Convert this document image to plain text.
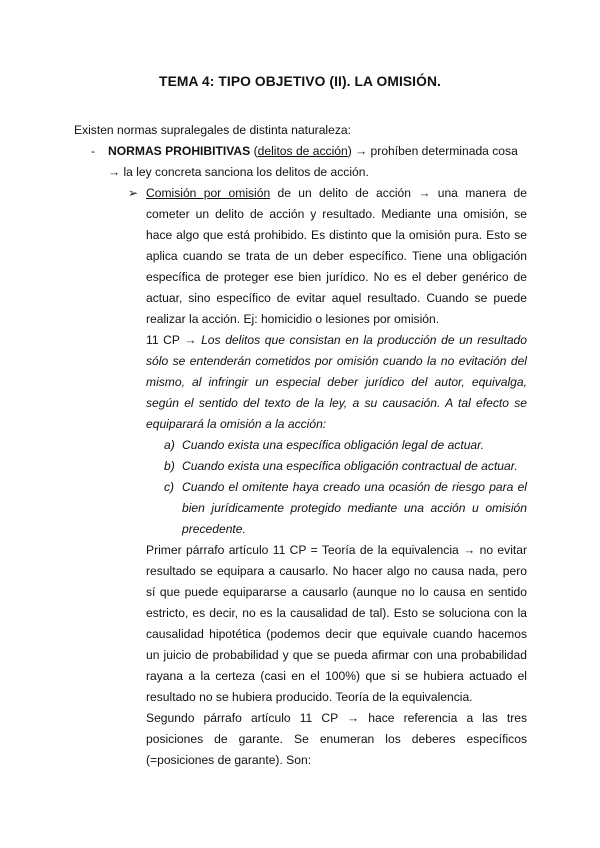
TEMA 4: TIPO OBJETIVO (II). LA OMISIÓN.
Existen normas supralegales de distinta naturaleza:
- NORMAS PROHIBITIVAS (delitos de acción) → prohíben determinada cosa
→ la ley concreta sanciona los delitos de acción.
➢ Comisión por omisión de un delito de acción → una manera de
cometer un delito de acción y resultado. Mediante una omisión, se
hace algo que está prohibido. Es distinto que la omisión pura. Esto se
aplica cuando se trata de un deber específico. Tiene una obligación
específica de proteger ese bien jurídico. No es el deber genérico de
actuar, sino específico de evitar aquel resultado. Cuando se puede
realizar la acción. Ej: homicidio o lesiones por omisión.
11 CP → Los delitos que consistan en la producción de un resultado
sólo se entenderán cometidos por omisión cuando la no evitación del
mismo, al infringir un especial deber jurídico del autor, equivalga,
según el sentido del texto de la ley, a su causación. A tal efecto se
equiparará la omisión a la acción:
a) Cuando exista una específica obligación legal de actuar.
b) Cuando exista una específica obligación contractual de actuar.
c) Cuando el omitente haya creado una ocasión de riesgo para el
bien jurídicamente protegido mediante una acción u omisión
precedente.
Primer párrafo artículo 11 CP = Teoría de la equivalencia → no evitar
resultado se equipara a causarlo. No hacer algo no causa nada, pero
sí que puede equipararse a causarlo (aunque no lo causa en sentido
estricto, es decir, no es la causalidad de tal). Esto se soluciona con la
causalidad hipotética (podemos decir que equivale cuando hacemos
un juicio de probabilidad y que se pueda afirmar con una probabilidad
rayana a la certeza (casi en el 100%) que si se hubiera actuado el
resultado no se hubiera producido. Teoría de la equivalencia.
Segundo párrafo artículo 11 CP → hace referencia a las tres
posiciones de garante. Se enumeran los deberes específicos
(=posiciones de garante). Son:
